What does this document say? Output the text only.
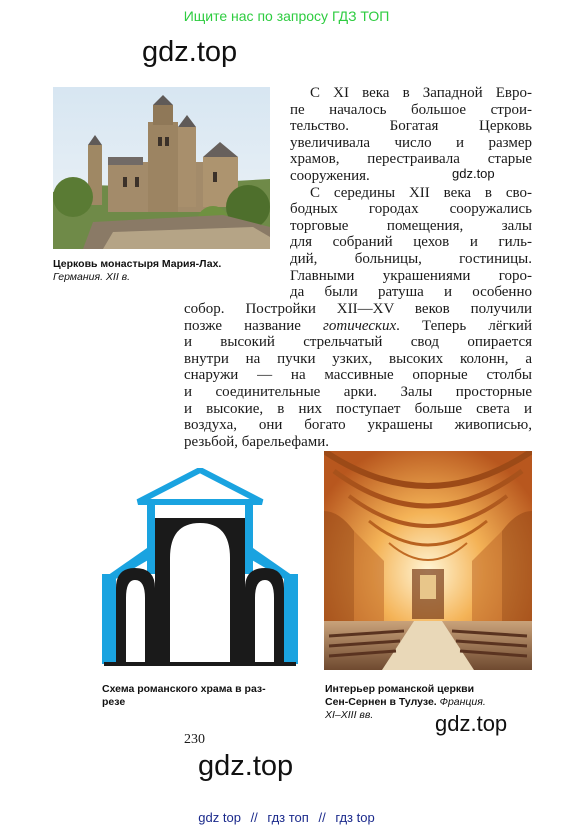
Ищите нас по запросу ГДЗ ТОП
gdz.top
gdz.top
gdz.top
gdz.top
Церковь монастыря Мария-Лах.
Германия. XII в.
С XI века в Западной Евро-
пе началось большое строи-
тельство. Богатая Церковь
увеличивала число и размер
храмов, перестраивала старые
сооружения.
С середины XII века в сво-
бодных городах сооружались
торговые помещения, залы
для собраний цехов и гиль-
дий, больницы, гостиницы.
Главными украшениями горо-
да были ратуша и особенно
собор. Постройки XII—XV веков получили
позже название готических. Теперь лёгкий
и высокий стрельчатый свод опирается
внутри на пучки узких, высоких колонн, а
снаружи — на массивные опорные столбы
и соединительные арки. Залы просторные
и высокие, в них поступает больше света и
воздуха, они богато украшены живописью,
резьбой, барельефами.
Схема романского храма в раз-
резе
Интерьер романской церкви
Сен-Сернен в Тулузе. Франция.
XI–XIII вв.
230
gdz top // гдз топ // гдз top
